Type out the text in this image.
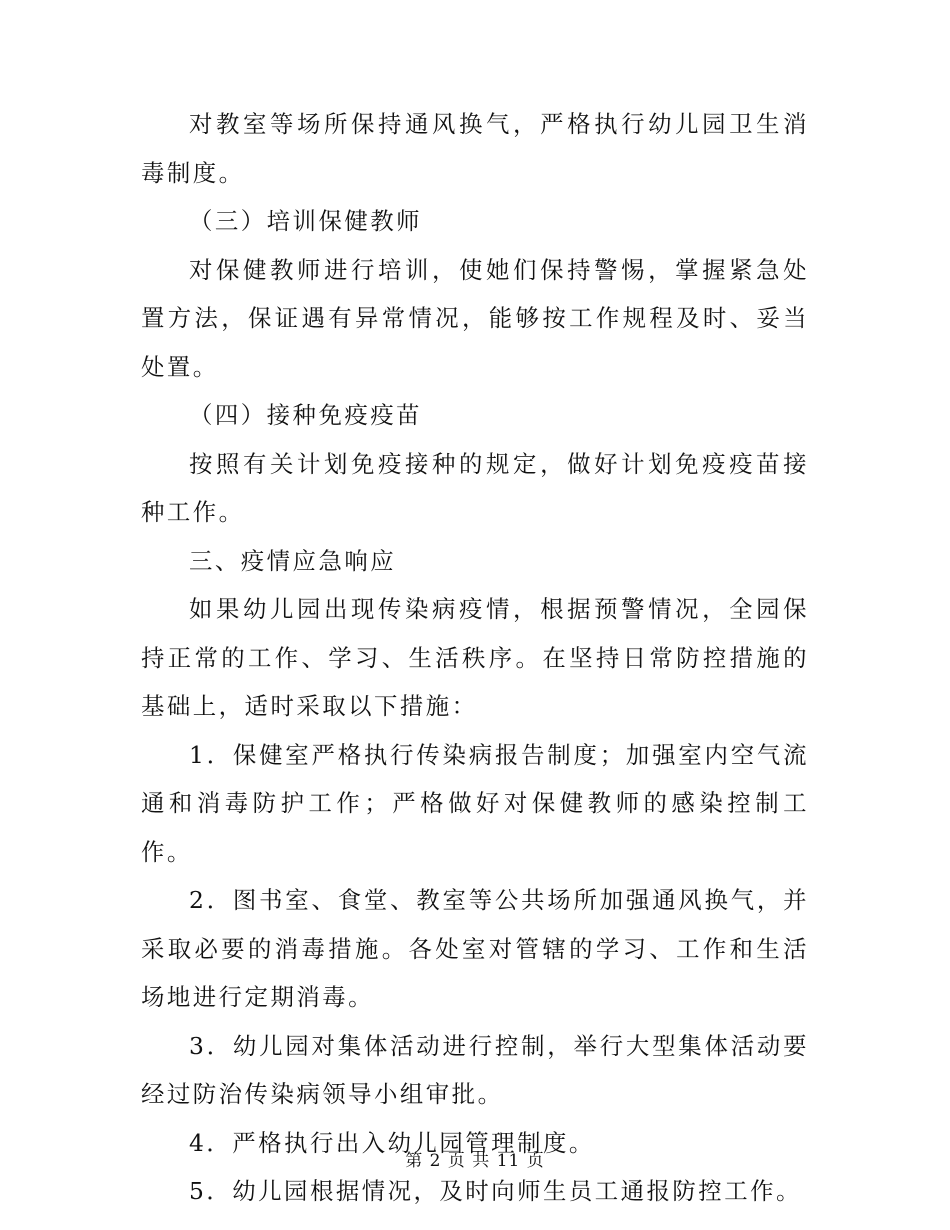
对教室等场所保持通风换气，严格执行幼儿园卫生消毒制度。

（三）培训保健教师

对保健教师进行培训，使她们保持警惕，掌握紧急处置方法，保证遇有异常情况，能够按工作规程及时、妥当处置。

（四）接种免疫疫苗

按照有关计划免疫接种的规定，做好计划免疫疫苗接种工作。

三、疫情应急响应

如果幼儿园出现传染病疫情，根据预警情况，全园保持正常的工作、学习、生活秩序。在坚持日常防控措施的基础上，适时采取以下措施：

1．保健室严格执行传染病报告制度；加强室内空气流通和消毒防护工作；严格做好对保健教师的感染控制工作。

2．图书室、食堂、教室等公共场所加强通风换气，并采取必要的消毒措施。各处室对管辖的学习、工作和生活场地进行定期消毒。

3．幼儿园对集体活动进行控制，举行大型集体活动要经过防治传染病领导小组审批。

4．严格执行出入幼儿园管理制度。

5．幼儿园根据情况，及时向师生员工通报防控工作。

第 2 页 共 11 页
